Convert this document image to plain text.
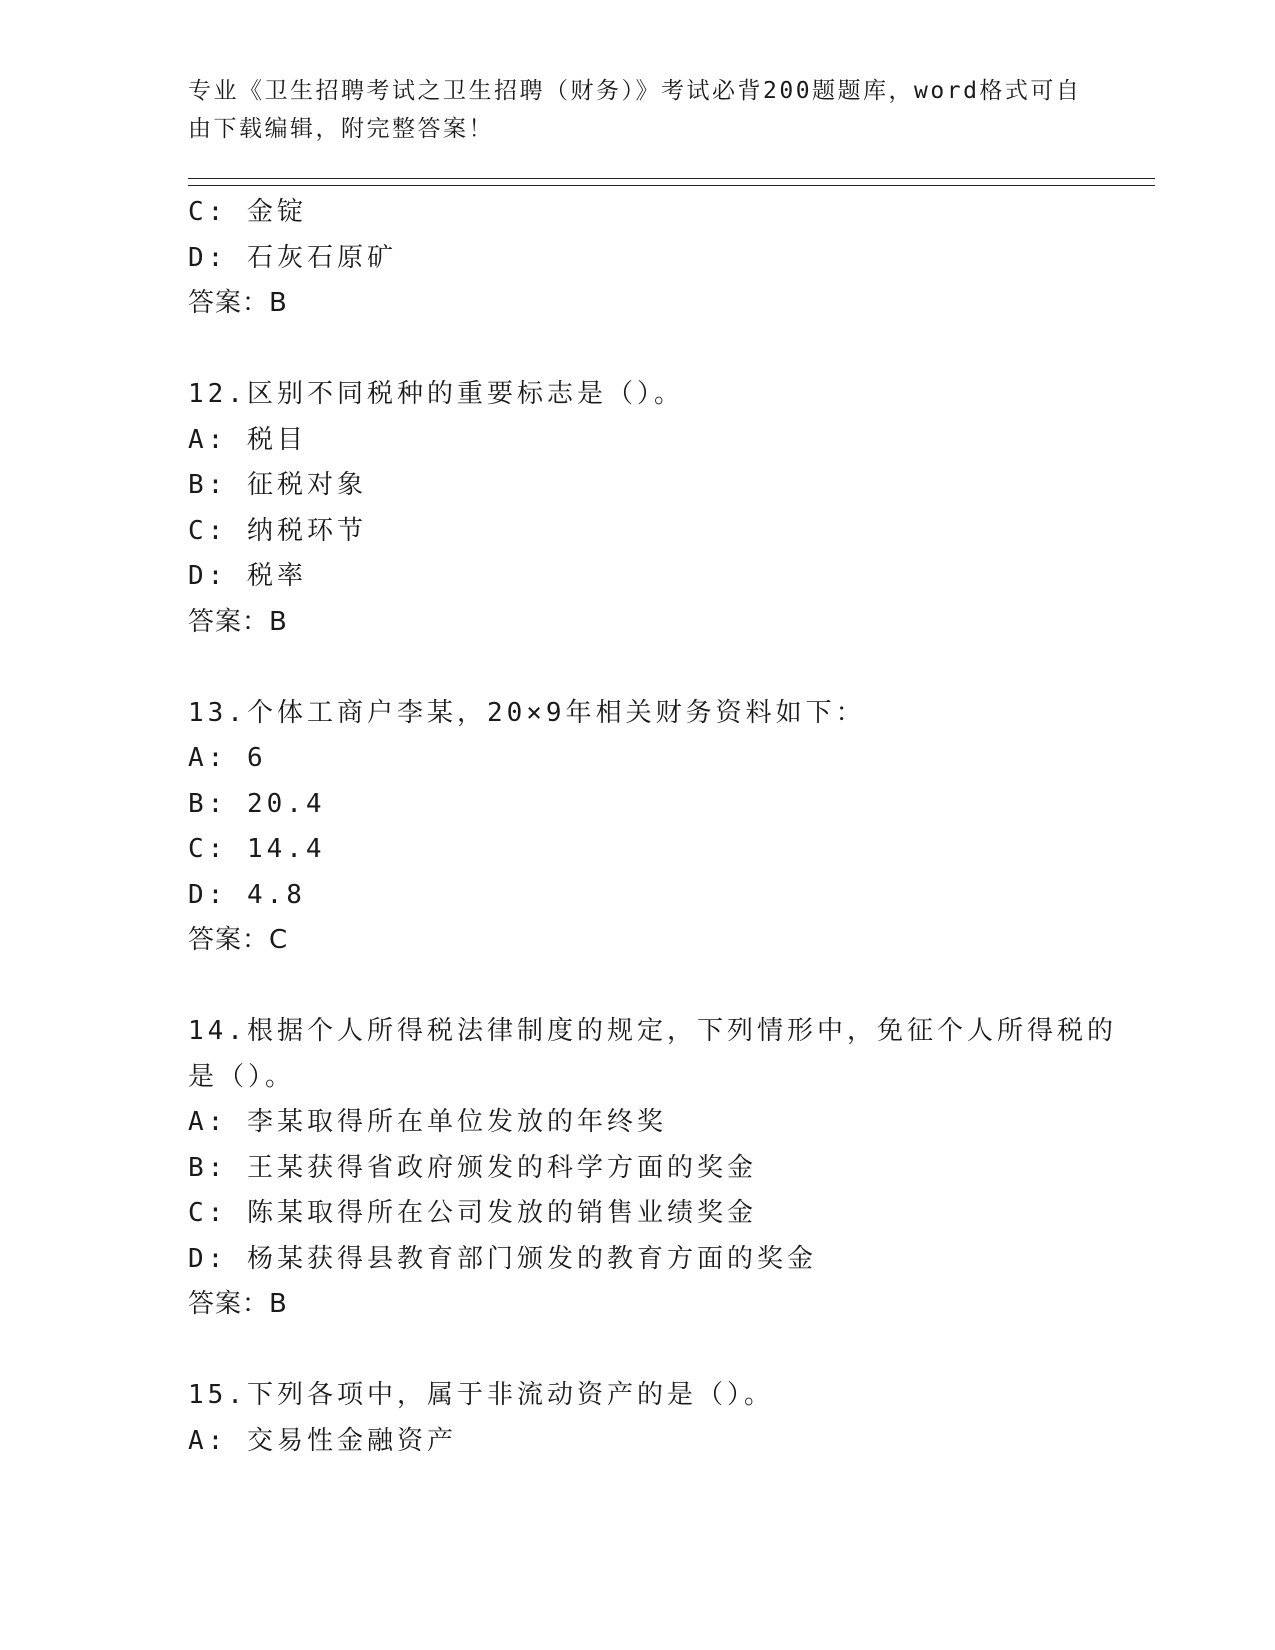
专业《卫生招聘考试之卫生招聘（财务）》考试必背200题题库，word格式可自由下载编辑，附完整答案！
C: 金锭
D: 石灰石原矿
答案：B
12.区别不同税种的重要标志是（）。
A: 税目
B: 征税对象
C: 纳税环节
D: 税率
答案：B
13.个体工商户李某，20×9年相关财务资料如下：
A: 6
B: 20.4
C: 14.4
D: 4.8
答案：C
14.根据个人所得税法律制度的规定，下列情形中，免征个人所得税的
是（）。
A: 李某取得所在单位发放的年终奖
B: 王某获得省政府颁发的科学方面的奖金
C: 陈某取得所在公司发放的销售业绩奖金
D: 杨某获得县教育部门颁发的教育方面的奖金
答案：B
15.下列各项中，属于非流动资产的是（）。
A: 交易性金融资产
